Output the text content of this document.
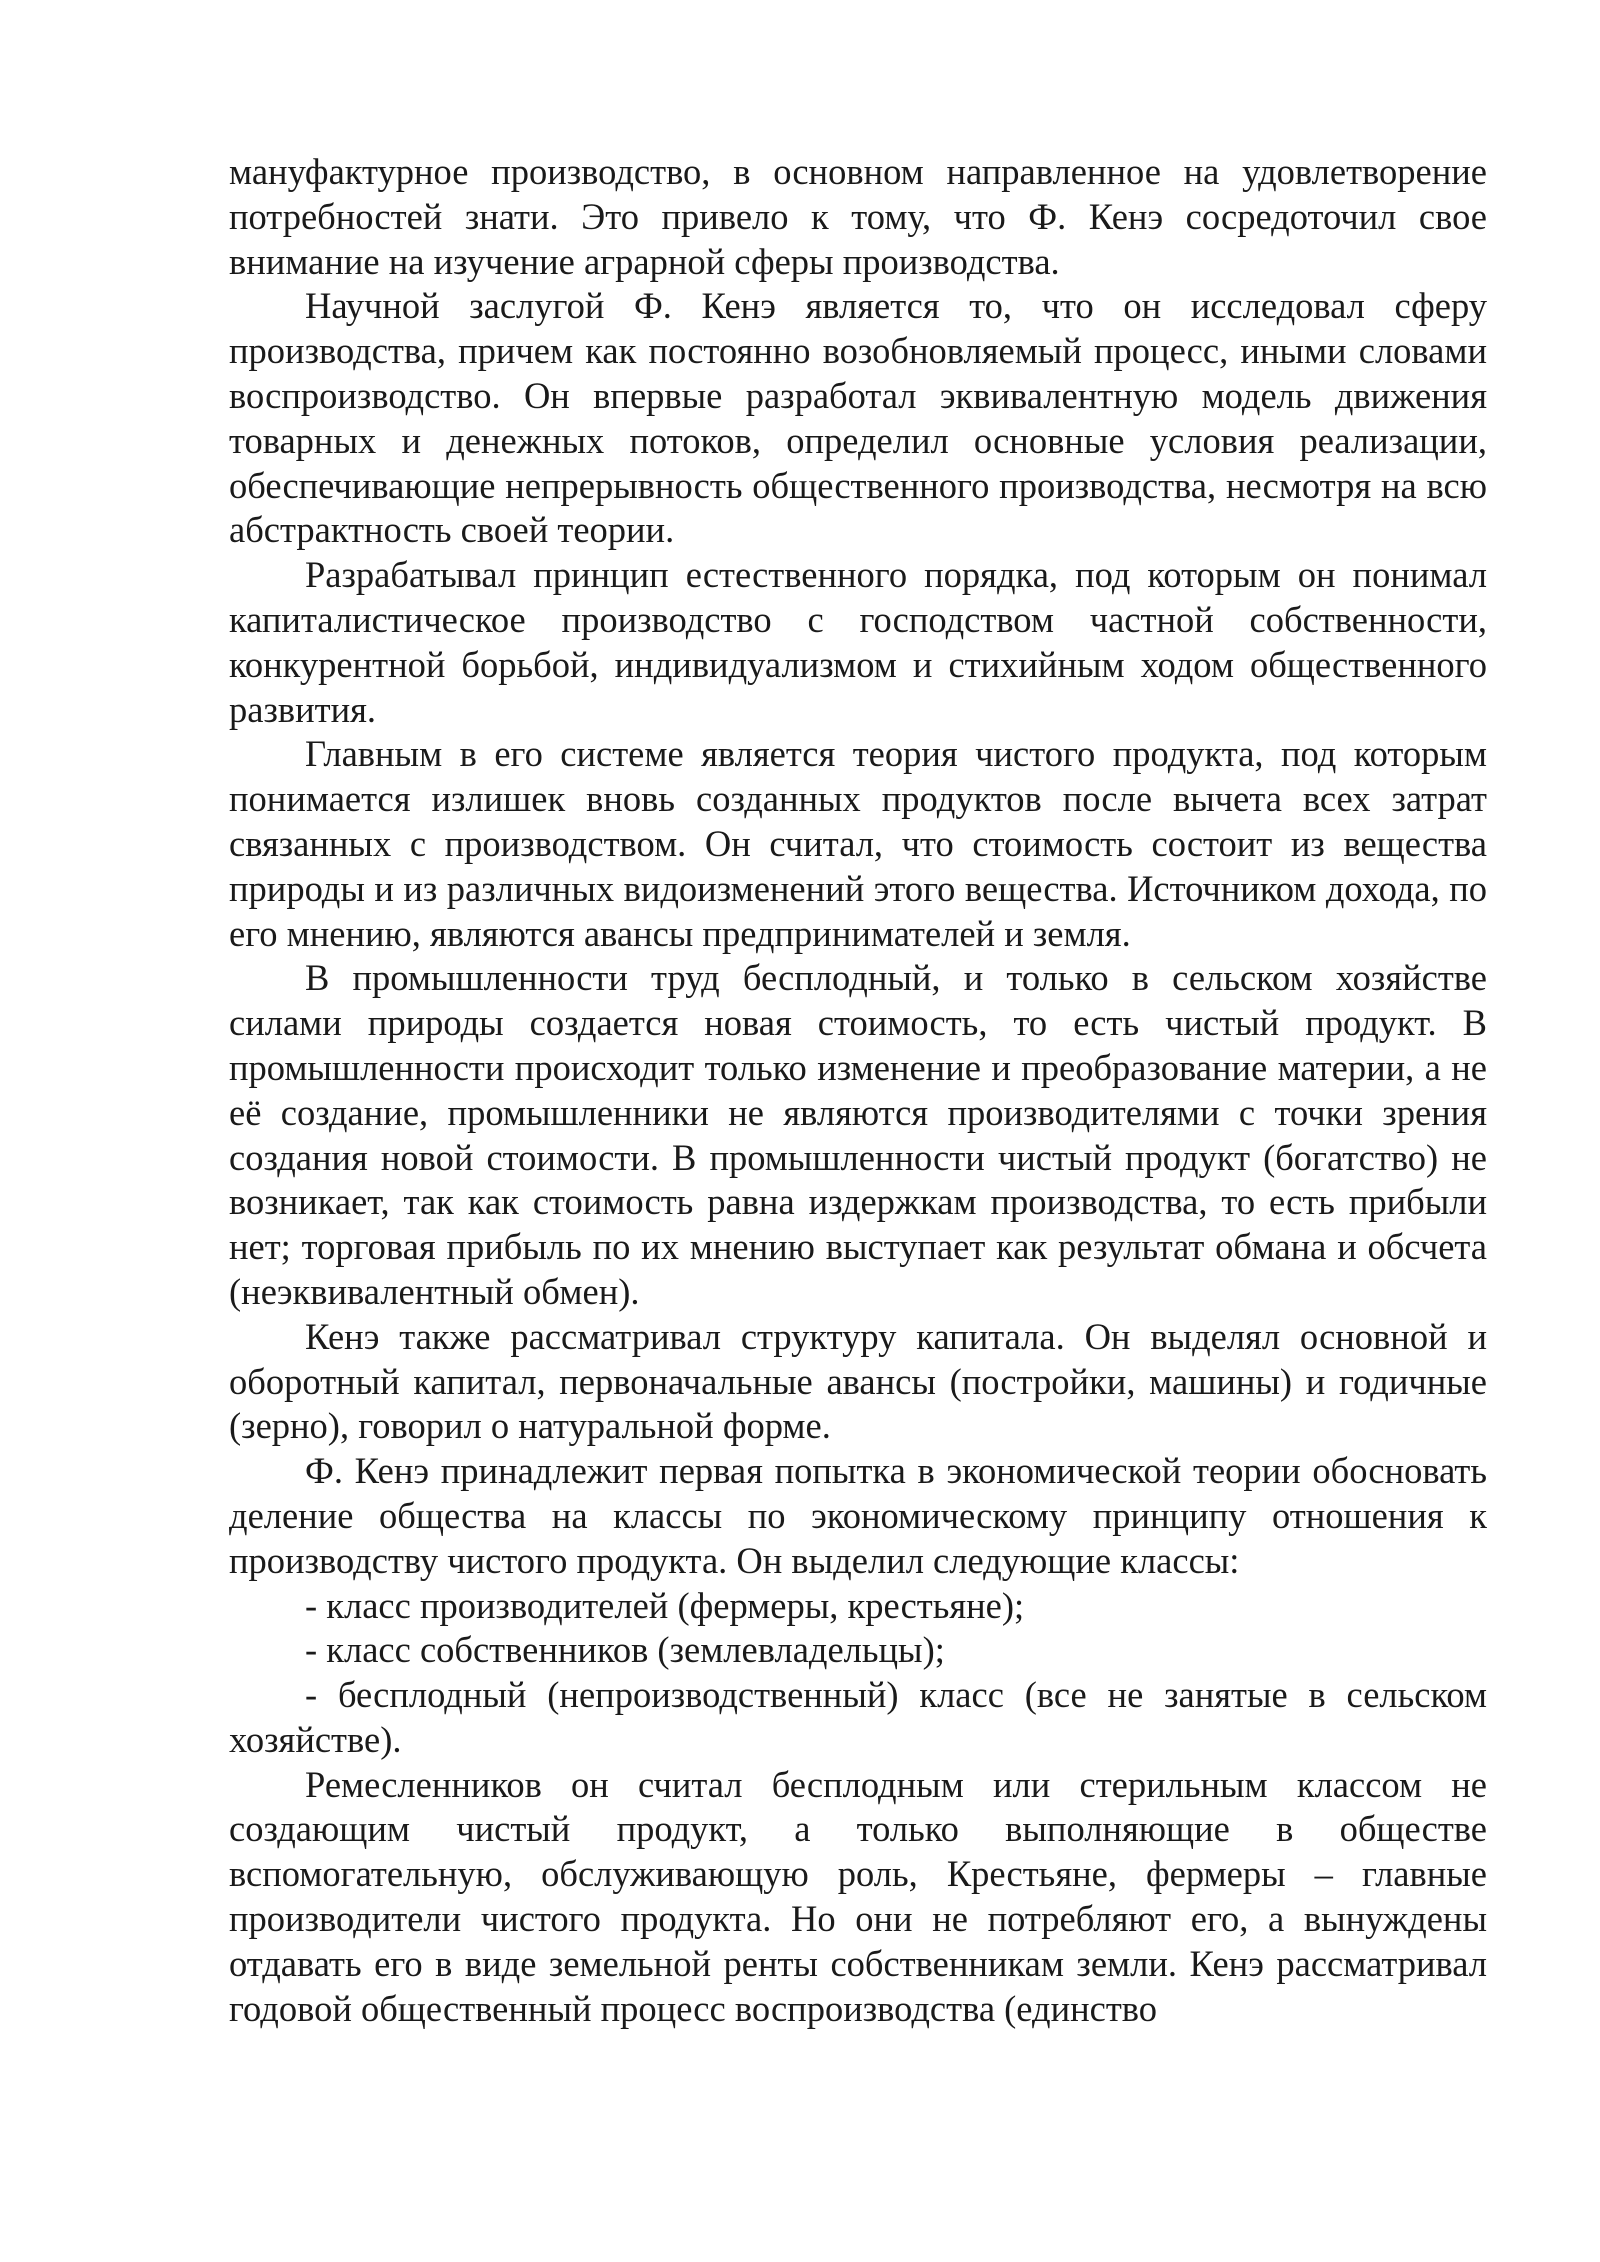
мануфактурное производство, в основном направленное на удовлетворение потребностей знати. Это привело к тому, что Ф. Кенэ сосредоточил свое внимание на изучение аграрной сферы производства.

Научной заслугой Ф. Кенэ является то, что он исследовал сферу производства, причем как постоянно возобновляемый процесс, иными словами воспроизводство. Он впервые разработал эквивалентную модель движения товарных и денежных потоков, определил основные условия реализации, обеспечивающие непрерывность общественного производства, несмотря на всю абстрактность своей теории.

Разрабатывал принцип естественного порядка, под которым он понимал капиталистическое производство с господством частной собственности, конкурентной борьбой, индивидуализмом и стихийным ходом общественного развития.

Главным в его системе является теория чистого продукта, под которым понимается излишек вновь созданных продуктов после вычета всех затрат связанных с производством. Он считал, что стоимость состоит из вещества природы и из различных видоизменений этого вещества. Источником дохода, по его мнению, являются авансы предпринимателей и земля.

В промышленности труд бесплодный, и только в сельском хозяйстве силами природы создается новая стоимость, то есть чистый продукт. В промышленности происходит только изменение и преобразование материи, а не её создание, промышленники не являются производителями с точки зрения создания новой стоимости. В промышленности чистый продукт (богатство) не возникает, так как стоимость равна издержкам производства, то есть прибыли нет; торговая прибыль по их мнению выступает как результат обмана и обсчета (неэквивалентный обмен).

Кенэ также рассматривал структуру капитала. Он выделял основной и оборотный капитал, первоначальные авансы (постройки, машины) и годичные (зерно), говорил о натуральной форме.

Ф. Кенэ принадлежит первая попытка в экономической теории обосновать деление общества на классы по экономическому принципу отношения к производству чистого продукта. Он выделил следующие классы:

- класс производителей (фермеры, крестьяне);

- класс собственников (землевладельцы);

- бесплодный (непроизводственный) класс (все не занятые в сельском хозяйстве).

Ремесленников он считал бесплодным или стерильным классом не создающим чистый продукт, а только выполняющие в обществе вспомогательную, обслуживающую роль, Крестьяне, фермеры – главные производители чистого продукта. Но они не потребляют его, а вынуждены отдавать его в виде земельной ренты собственникам земли. Кенэ рассматривал годовой общественный процесс воспроизводства (единство
